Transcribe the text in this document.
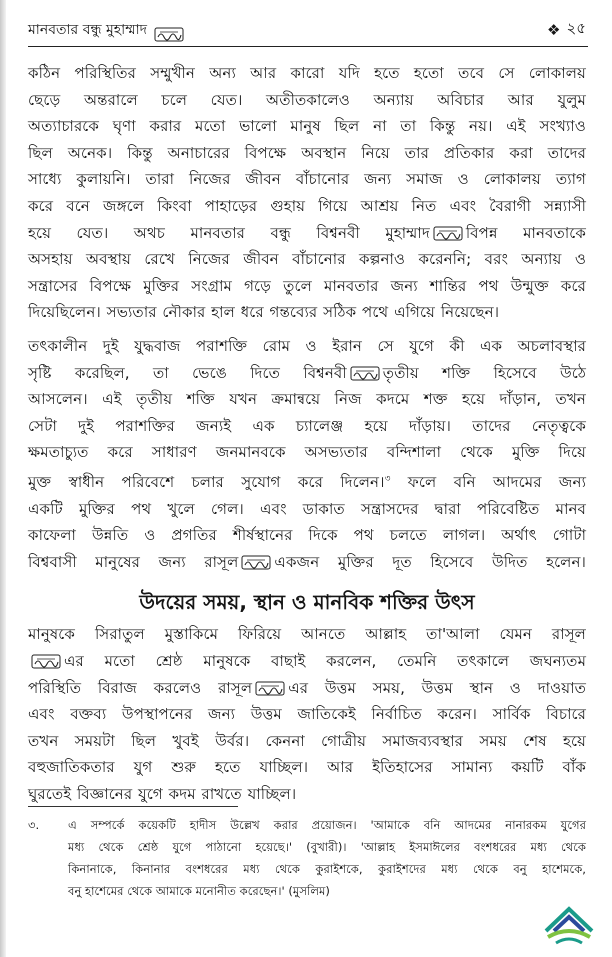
মানবতার বন্ধু মুহাম্মাদ	❖ ২৫

কঠিন পরিস্থিতির সম্মুখীন অন্য আর কারো যদি হতে হতো তবে সে লোকালয়

ছেড়ে অন্তরালে চলে যেত। অতীতকালেও অন্যায় অবিচার আর যুলুম

অত্যাচারকে ঘৃণা করার মতো ভালো মানুষ ছিল না তা কিন্তু নয়। এই সংখ্যাও

ছিল অনেক। কিন্তু অনাচারের বিপক্ষে অবস্থান নিয়ে তার প্রতিকার করা তাদের

সাধ্যে কুলায়নি। তারা নিজের জীবন বাঁচানোর জন্য সমাজ ও লোকালয় ত্যাগ

করে বনে জঙ্গলে কিংবা পাহাড়ের গুহায় গিয়ে আশ্রয় নিত এবং বৈরাগী সন্ন্যাসী

হয়ে যেত। অথচ মানবতার বন্ধু বিশ্বনবী মুহাম্মাদ বিপন্ন মানবতাকে

অসহায় অবস্থায় রেখে নিজের জীবন বাঁচানোর কল্পনাও করেননি; বরং অন্যায় ও

সন্ত্রাসের বিপক্ষে মুক্তির সংগ্রাম গড়ে তুলে মানবতার জন্য শান্তির পথ উন্মুক্ত করে

দিয়েছিলেন। সভ্যতার নৌকার হাল ধরে গন্তব্যের সঠিক পথে এগিয়ে নিয়েছেন।

তৎকালীন দুই যুদ্ধবাজ পরাশক্তি রোম ও ইরান সে যুগে কী এক অচলাবস্থার

সৃষ্টি করেছিল, তা ভেঙে দিতে বিশ্বনবী তৃতীয় শক্তি হিসেবে উঠে

আসলেন। এই তৃতীয় শক্তি যখন ক্রমান্বয়ে নিজ কদমে শক্ত হয়ে দাঁড়ান, তখন

সেটা দুই পরাশক্তির জন্যই এক চ্যালেঞ্জ হয়ে দাঁড়ায়। তাদের নেতৃত্বকে

ক্ষমতাচ্যুত করে সাধারণ জনমানবকে অসভ্যতার বন্দিশালা থেকে মুক্তি দিয়ে

মুক্ত স্বাধীন পরিবেশে চলার সুযোগ করে দিলেন।$^৩$ ফলে বনি আদমের জন্য

একটি মুক্তির পথ খুলে গেল। এবং ডাকাত সন্ত্রাসদের দ্বারা পরিবেষ্টিত মানব

কাফেলা উন্নতি ও প্রগতির শীর্ষস্থানের দিকে পথ চলতে লাগল। অর্থাৎ গোটা

বিশ্ববাসী মানুষের জন্য রাসূল একজন মুক্তির দূত হিসেবে উদিত হলেন।

উদয়ের সময়, স্থান ও মানবিক শক্তির উৎস

মানুষকে সিরাতুল মুস্তাকিমে ফিরিয়ে আনতে আল্লাহ তা'আলা যেমন রাসূল

এর মতো শ্রেষ্ঠ মানুষকে বাছাই করলেন, তেমনি তৎকালে জঘন্যতম

পরিস্থিতি বিরাজ করলেও রাসূল এর উত্তম সময়, উত্তম স্থান ও দাওয়াত

এবং বক্তব্য উপস্থাপনের জন্য উত্তম জাতিকেই নির্বাচিত করেন। সার্বিক বিচারে

তখন সময়টা ছিল খুবই উর্বর। কেননা গোত্রীয় সমাজব্যবস্থার সময় শেষ হয়ে

বহুজাতিকতার যুগ শুরু হতে যাচ্ছিল। আর ইতিহাসের সামান্য কয়টি বাঁক

ঘুরতেই বিজ্ঞানের যুগে কদম রাখতে যাচ্ছিল।

৩.	এ সম্পর্কে কয়েকটি হাদীস উল্লেখ করার প্রয়োজন। 'আমাকে বনি আদমের নানারকম যুগের
মধ্য থেকে শ্রেষ্ঠ যুগে পাঠানো হয়েছে।' (বুখারী)। 'আল্লাহ ইসমাঈলের বংশধরের মধ্য থেকে
কিনানাকে, কিনানার বংশধরের মধ্য থেকে কুরাইশকে, কুরাইশদের মধ্য থেকে বনু হাশেমকে,
বনু হাশেমের থেকে আমাকে মনোনীত করেছেন।' (মুসলিম)
